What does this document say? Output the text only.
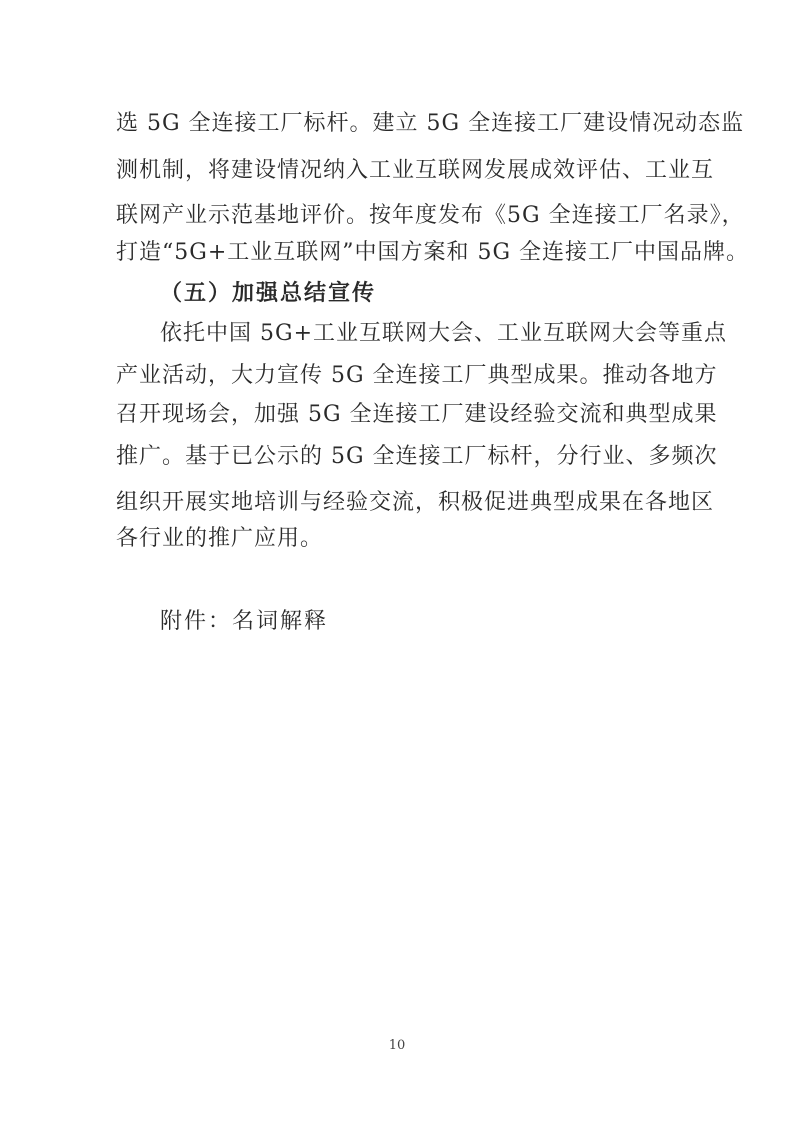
选 5G 全连接工厂标杆。建立 5G 全连接工厂建设情况动态监
测机制，将建设情况纳入工业互联网发展成效评估、工业互
联网产业示范基地评价。按年度发布《5G 全连接工厂名录》，
打造“5G+工业互联网”中国方案和 5G 全连接工厂中国品牌。
（五）加强总结宣传
依托中国 5G+工业互联网大会、工业互联网大会等重点
产业活动，大力宣传 5G 全连接工厂典型成果。推动各地方
召开现场会，加强 5G 全连接工厂建设经验交流和典型成果
推广。基于已公示的 5G 全连接工厂标杆，分行业、多频次
组织开展实地培训与经验交流，积极促进典型成果在各地区
各行业的推广应用。
附件：名词解释
10
